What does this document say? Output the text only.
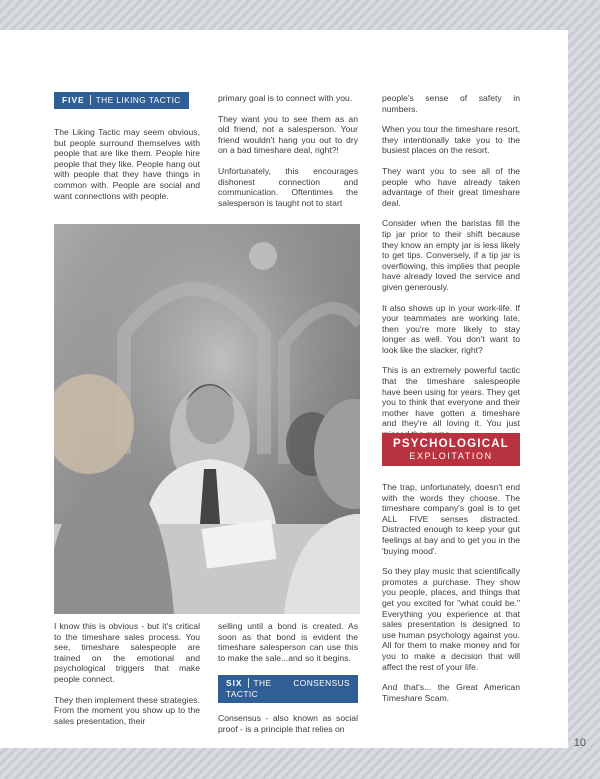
FIVE THE LIKING TACTIC

The Liking Tactic may seem obvious, but people surround themselves with people that are like them. People hire people that they like. People hang out with people that they have things in common with. People are social and want connections with people.

primary goal is to connect with you.

They want you to see them as an old friend, not a salesperson. Your friend wouldn't hang you out to dry on a bad timeshare deal, right?!

Unfortunately, this encourages dishonest connection and communication. Oftentimes the salesperson is taught not to start

I know this is obvious - but it's critical to the timeshare sales process. You see, timeshare salespeople are trained on the emotional and psychological triggers that make people connect.

They then implement these strategies. From the moment you show up to the sales presentation, their

selling until a bond is created. As soon as that bond is evident the timeshare salesperson can use this to make the sale...and so it begins.

SIX THE CONSENSUS TACTIC

Consensus - also known as social proof - is a principle that relies on

people's sense of safety in numbers.

When you tour the timeshare resort, they intentionally take you to the busiest places on the resort.

They want you to see all of the people who have already taken advantage of their great timeshare deal.

Consider when the baristas fill the tip jar prior to their shift because they know an empty jar is less likely to get tips. Conversely, if a tip jar is overflowing, this implies that people have already loved the service and given generously.

It also shows up in your work-life. If your teammates are working late, then you're more likely to stay longer as well. You don't want to look like the slacker, right?

This is an extremely powerful tactic that the timeshare salespeople have been using for years. They get you to think that everyone and their mother have gotten a timeshare and they're all loving it. You just

PSYCHOLOGICAL
EXPLOITATION

The trap, unfortunately, doesn't end with the words they choose. The timeshare company's goal is to get ALL FIVE senses distracted. Distracted enough to keep your gut feelings at bay and to get you in the 'buying mood'.

So they play music that scientifically promotes a purchase. They show you people, places, and things that get you excited for "what could be." Everything you experience at that sales presentation is designed to use human psychology against you. All for them to make money and for you to make a decision that will affect the rest of your life.

And that's... the Great American Timeshare Scam.

10
